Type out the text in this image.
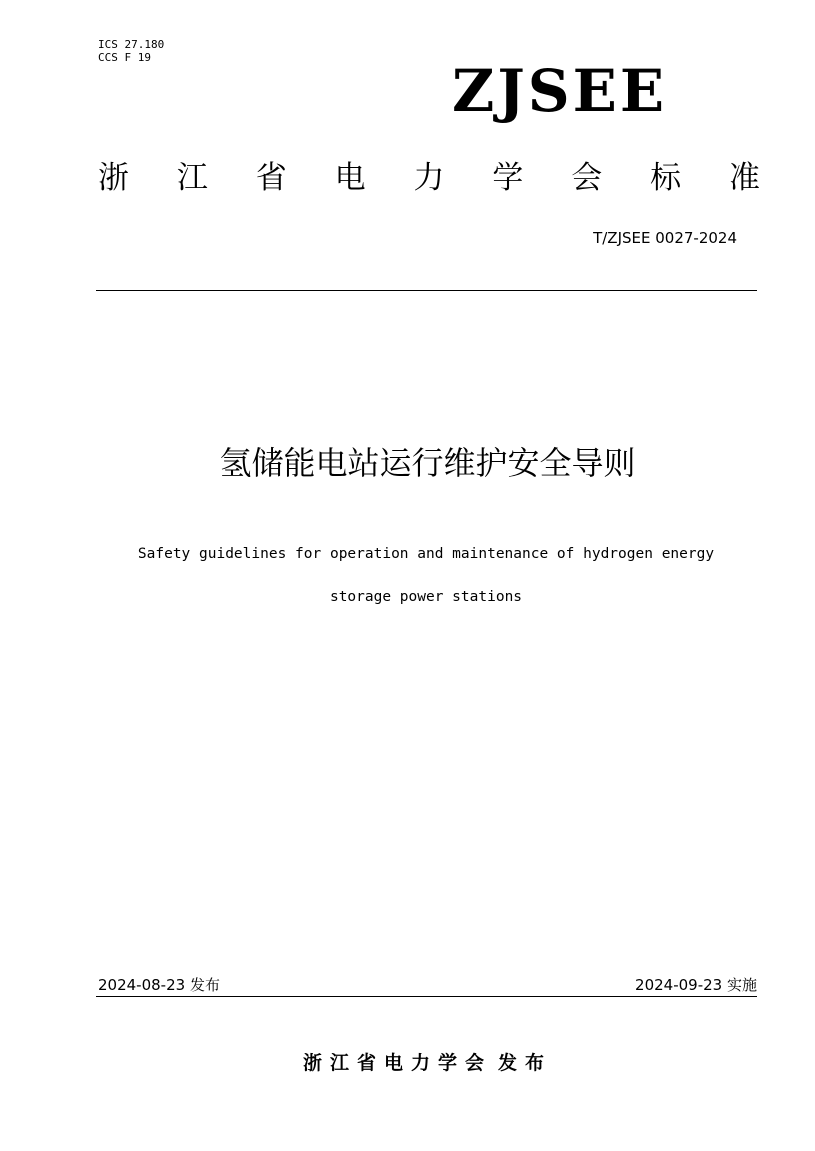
ICS 27.180
CCS F 19	ZJSEE
浙 江 省 电 力 学 会 标 准
T/ZJSEE 0027-2024
氢储能电站运行维护安全导则
Safety guidelines for operation and maintenance of hydrogen energy
storage power stations
2024-08-23 发布	2024-09-23 实施
浙江省电力学会 发布
